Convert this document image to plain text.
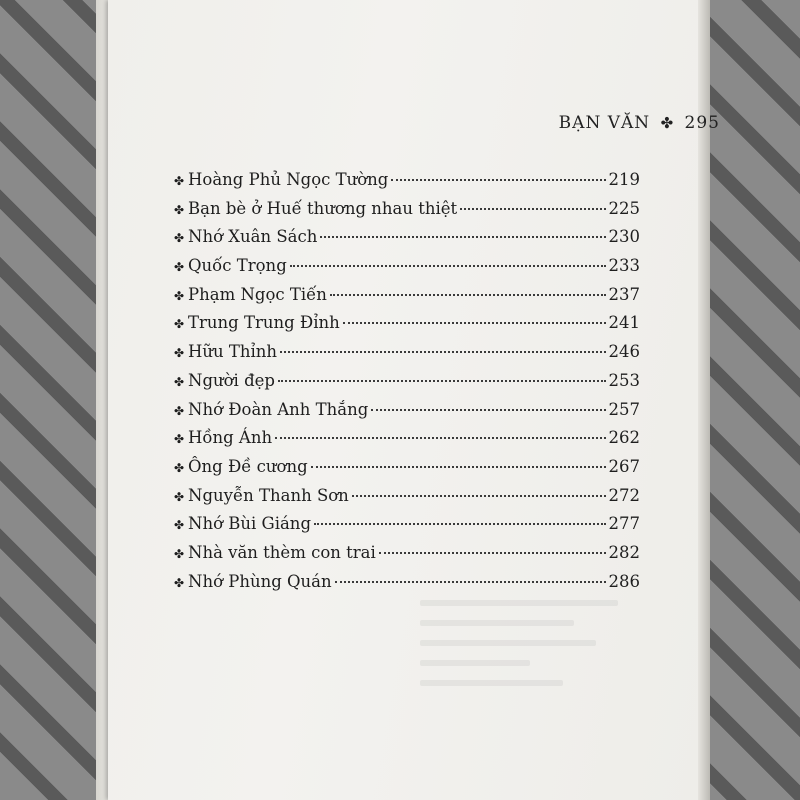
BẠN VĂN ✤ 295
✤ Hoàng Phủ Ngọc Tường	219
✤ Bạn bè ở Huế thương nhau thiệt	225
✤ Nhớ Xuân Sách	230
✤ Quốc Trọng	233
✤ Phạm Ngọc Tiến	237
✤ Trung Trung Đỉnh	241
✤ Hữu Thỉnh	246
✤ Người đẹp	253
✤ Nhớ Đoàn Anh Thắng	257
✤ Hồng Ánh	262
✤ Ông Đề cương	267
✤ Nguyễn Thanh Sơn	272
✤ Nhớ Bùi Giáng	277
✤ Nhà văn thèm con trai	282
✤ Nhớ Phùng Quán	286
